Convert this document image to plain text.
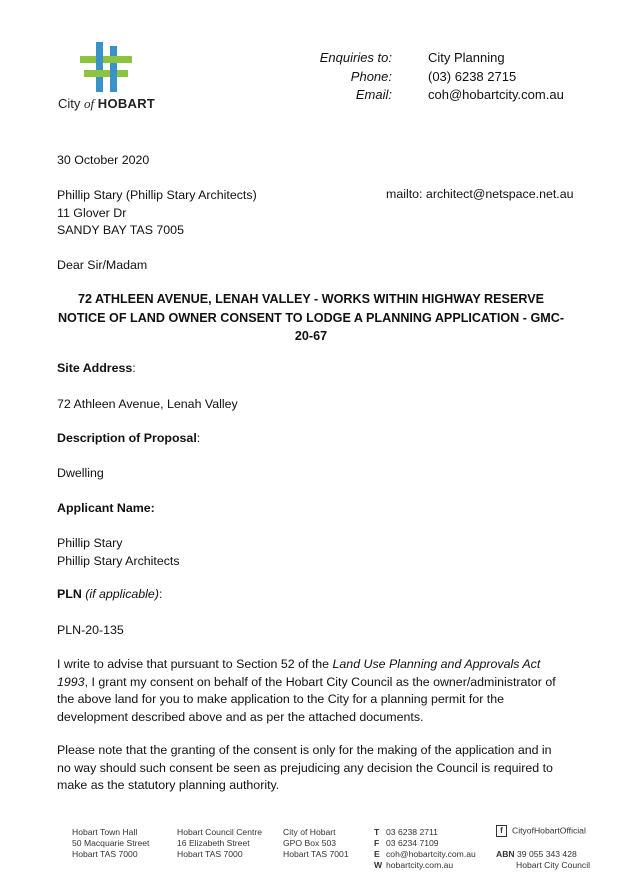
City of HOBART
Enquiries to:
Phone:
Email:
City Planning
(03) 6238 2715
coh@hobartcity.com.au
30 October 2020
Phillip Stary (Phillip Stary Architects)
11 Glover Dr
SANDY BAY TAS 7005
mailto: architect@netspace.net.au
Dear Sir/Madam
72 ATHLEEN AVENUE, LENAH VALLEY - WORKS WITHIN HIGHWAY RESERVE
NOTICE OF LAND OWNER CONSENT TO LODGE A PLANNING APPLICATION - GMC-
20-67
Site Address:
72 Athleen Avenue, Lenah Valley
Description of Proposal:
Dwelling
Applicant Name:
Phillip Stary
Phillip Stary Architects
PLN (if applicable):
PLN-20-135
I write to advise that pursuant to Section 52 of the Land Use Planning and Approvals Act 1993, I grant my consent on behalf of the Hobart City Council as the owner/administrator of the above land for you to make application to the City for a planning permit for the development described above and as per the attached documents.
Please note that the granting of the consent is only for the making of the application and in no way should such consent be seen as prejudicing any decision the Council is required to make as the statutory planning authority.
Hobart Town Hall
50 Macquarie Street
Hobart TAS 7000
Hobart Council Centre
16 Elizabeth Street
Hobart TAS 7000
City of Hobart
GPO Box 503
Hobart TAS 7001
T 03 6238 2711
F 03 6234 7109
E coh@hobartcity.com.au
W hobartcity.com.au
f CityofHobartOfficial
ABN 39 055 343 428
Hobart City Council
